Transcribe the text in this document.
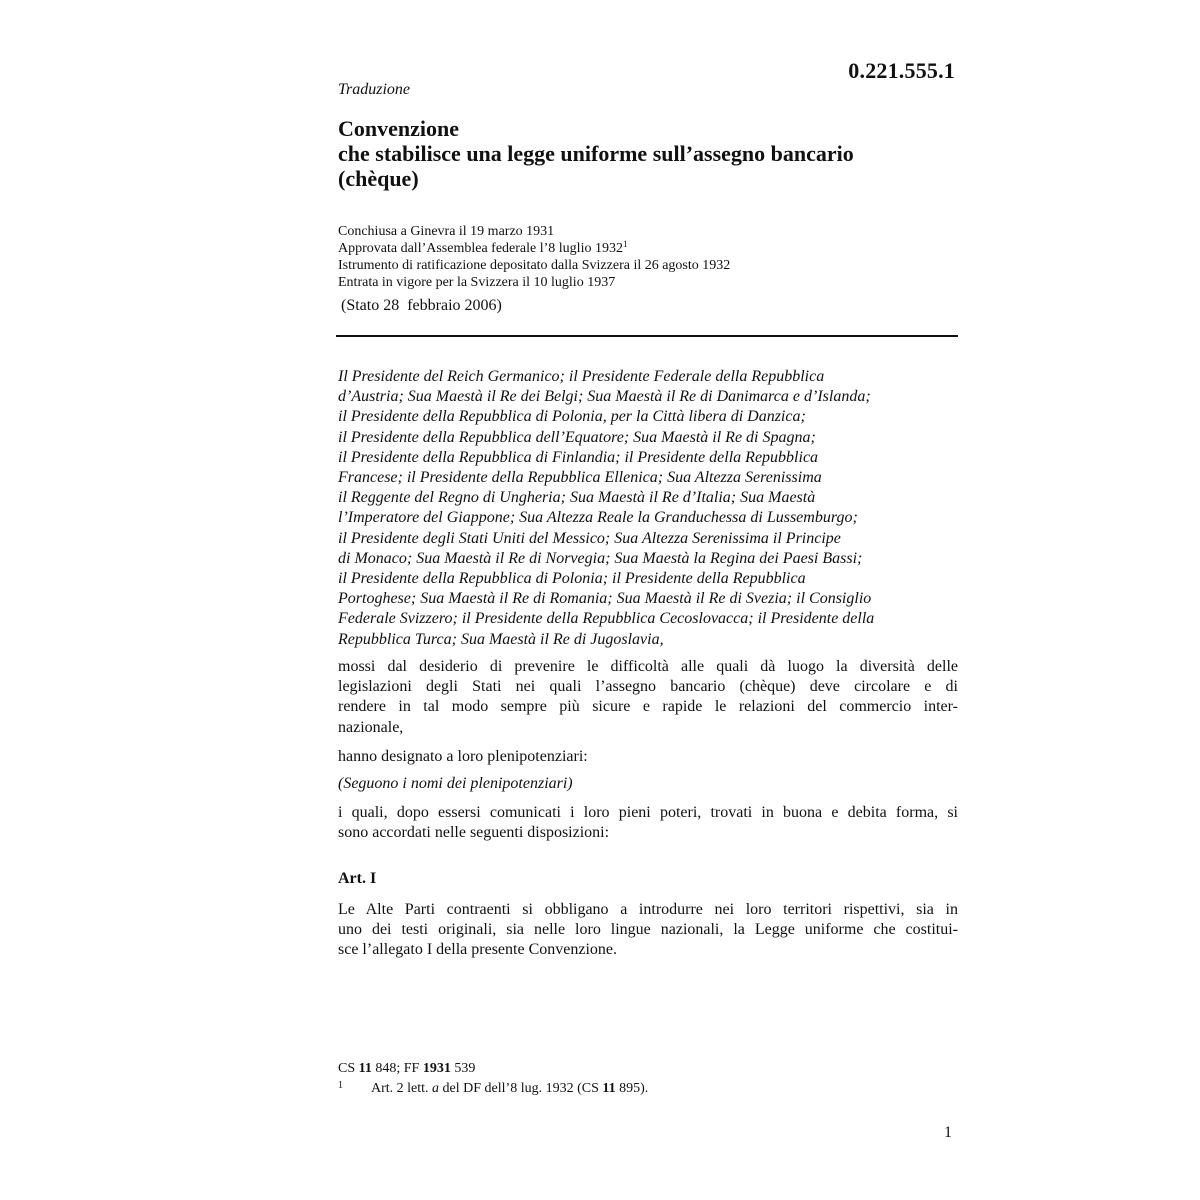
0.221.555.1
Traduzione
Convenzione
che stabilisce una legge uniforme sull’assegno bancario
(chèque)
Conchiusa a Ginevra il 19 marzo 1931
Approvata dall’Assemblea federale l’8 luglio 1932$^1$
Istrumento di ratificazione depositato dalla Svizzera il 26 agosto 1932
Entrata in vigore per la Svizzera il 10 luglio 1937
(Stato 28  febbraio 2006)
Il Presidente del Reich Germanico; il Presidente Federale della Repubblica
d’Austria; Sua Maestà il Re dei Belgi; Sua Maestà il Re di Danimarca e d’Islanda;
il Presidente della Repubblica di Polonia, per la Città libera di Danzica;
il Presidente della Repubblica dell’Equatore; Sua Maestà il Re di Spagna;
il Presidente della Repubblica di Finlandia; il Presidente della Repubblica
Francese; il Presidente della Repubblica Ellenica; Sua Altezza Serenissima
il Reggente del Regno di Ungheria; Sua Maestà il Re d’Italia; Sua Maestà
l’Imperatore del Giappone; Sua Altezza Reale la Granduchessa di Lussemburgo;
il Presidente degli Stati Uniti del Messico; Sua Altezza Serenissima il Principe
di Monaco; Sua Maestà il Re di Norvegia; Sua Maestà la Regina dei Paesi Bassi;
il Presidente della Repubblica di Polonia; il Presidente della Repubblica
Portoghese; Sua Maestà il Re di Romania; Sua Maestà il Re di Svezia; il Consiglio
Federale Svizzero; il Presidente della Repubblica Cecoslovacca; il Presidente della
Repubblica Turca; Sua Maestà il Re di Jugoslavia,
mossi dal desiderio di prevenire le difficoltà alle quali dà luogo la diversità delle
legislazioni degli Stati nei quali l’assegno bancario (chèque) deve circolare e di
rendere in tal modo sempre più sicure e rapide le relazioni del commercio inter-
nazionale,
hanno designato a loro plenipotenziari:
(Seguono i nomi dei plenipotenziari)
i quali, dopo essersi comunicati i loro pieni poteri, trovati in buona e debita forma, si
sono accordati nelle seguenti disposizioni:
Art. I
Le Alte Parti contraenti si obbligano a introdurre nei loro territori rispettivi, sia in
uno dei testi originali, sia nelle loro lingue nazionali, la Legge uniforme che costitui-
sce l’allegato I della presente Convenzione.
CS 11 848; FF 1931 539
1 Art. 2 lett. a del DF dell’8 lug. 1932 (CS 11 895).
1
